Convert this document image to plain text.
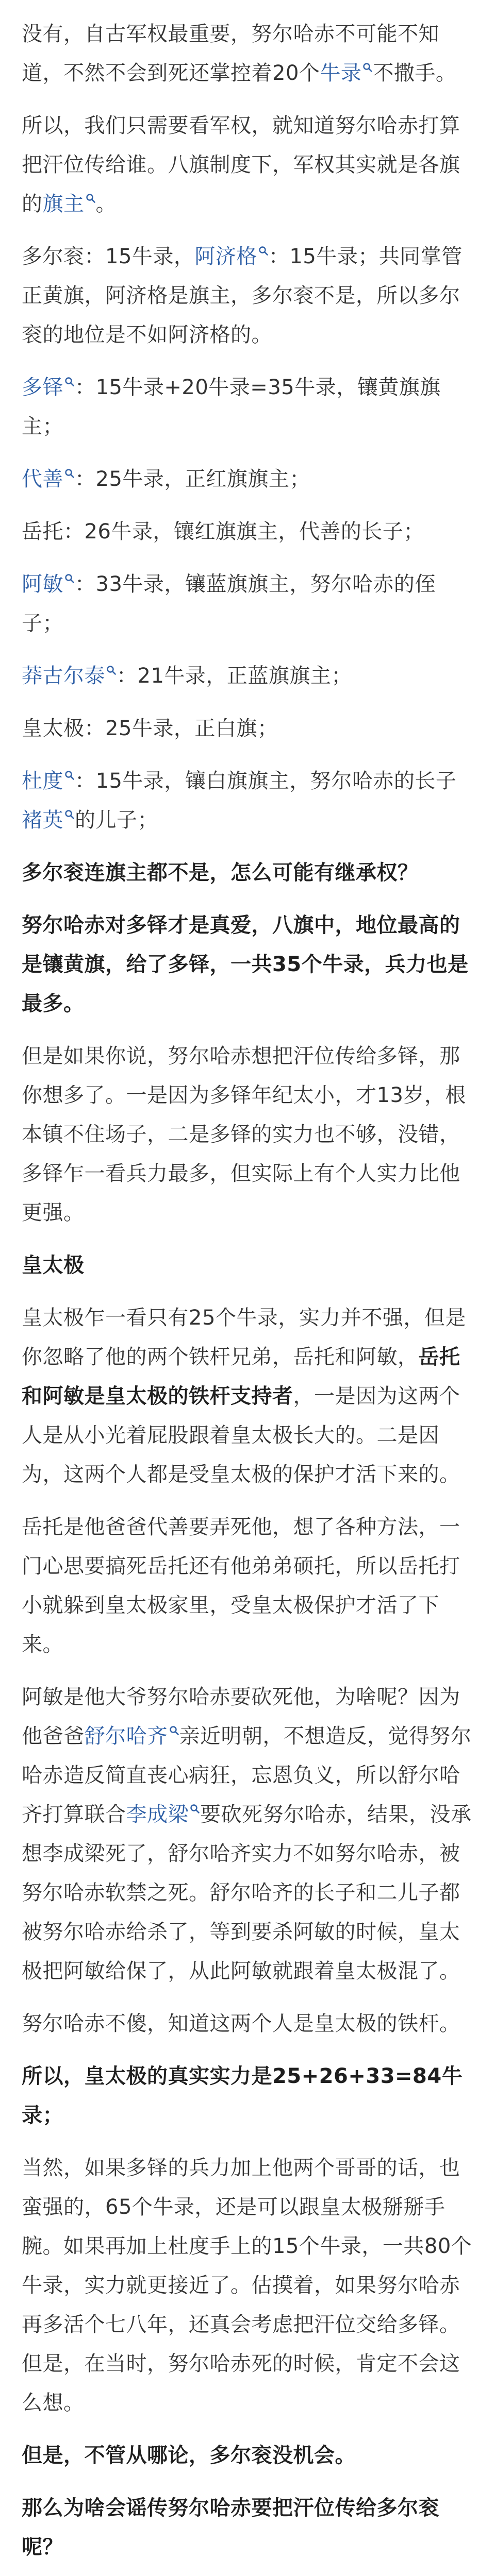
没有，自古军权最重要，努尔哈赤不可能不知道，不然不会到死还掌控着20个牛录 不撒手。

所以，我们只需要看军权，就知道努尔哈赤打算把汗位传给谁。八旗制度下，军权其实就是各旗的旗主 。

多尔衮：15牛录，阿济格 ：15牛录；共同掌管正黄旗，阿济格是旗主，多尔衮不是，所以多尔衮的地位是不如阿济格的。

多铎 ：15牛录+20牛录=35牛录，镶黄旗旗主；

代善 ：25牛录，正红旗旗主；

岳托：26牛录，镶红旗旗主，代善的长子；

阿敏 ：33牛录，镶蓝旗旗主，努尔哈赤的侄子；

莽古尔泰 ：21牛录，正蓝旗旗主；

皇太极：25牛录，正白旗；

杜度 ：15牛录，镶白旗旗主，努尔哈赤的长子褚英 的儿子；

多尔衮连旗主都不是，怎么可能有继承权？

努尔哈赤对多铎才是真爱，八旗中，地位最高的是镶黄旗，给了多铎，一共35个牛录，兵力也是最多。

但是如果你说，努尔哈赤想把汗位传给多铎，那你想多了。一是因为多铎年纪太小，才13岁，根本镇不住场子，二是多铎的实力也不够，没错，多铎乍一看兵力最多，但实际上有个人实力比他更强。

皇太极

皇太极乍一看只有25个牛录，实力并不强，但是你忽略了他的两个铁杆兄弟，岳托和阿敏，岳托和阿敏是皇太极的铁杆支持者，一是因为这两个人是从小光着屁股跟着皇太极长大的。二是因为，这两个人都是受皇太极的保护才活下来的。

岳托是他爸爸代善要弄死他，想了各种方法，一门心思要搞死岳托还有他弟弟硕托，所以岳托打小就躲到皇太极家里，受皇太极保护才活了下来。

阿敏是他大爷努尔哈赤要砍死他，为啥呢？因为他爸爸舒尔哈齐 亲近明朝，不想造反，觉得努尔哈赤造反简直丧心病狂，忘恩负义，所以舒尔哈齐打算联合李成梁 要砍死努尔哈赤，结果，没承想李成梁死了，舒尔哈齐实力不如努尔哈赤，被努尔哈赤软禁之死。舒尔哈齐的长子和二儿子都被努尔哈赤给杀了，等到要杀阿敏的时候，皇太极把阿敏给保了，从此阿敏就跟着皇太极混了。

努尔哈赤不傻，知道这两个人是皇太极的铁杆。

所以，皇太极的真实实力是25+26+33=84牛录；

当然，如果多铎的兵力加上他两个哥哥的话，也蛮强的，65个牛录，还是可以跟皇太极掰掰手腕。如果再加上杜度手上的15个牛录，一共80个牛录，实力就更接近了。估摸着，如果努尔哈赤再多活个七八年，还真会考虑把汗位交给多铎。但是，在当时，努尔哈赤死的时候，肯定不会这么想。

但是，不管从哪论，多尔衮没机会。

那么为啥会谣传努尔哈赤要把汗位传给多尔衮呢？
